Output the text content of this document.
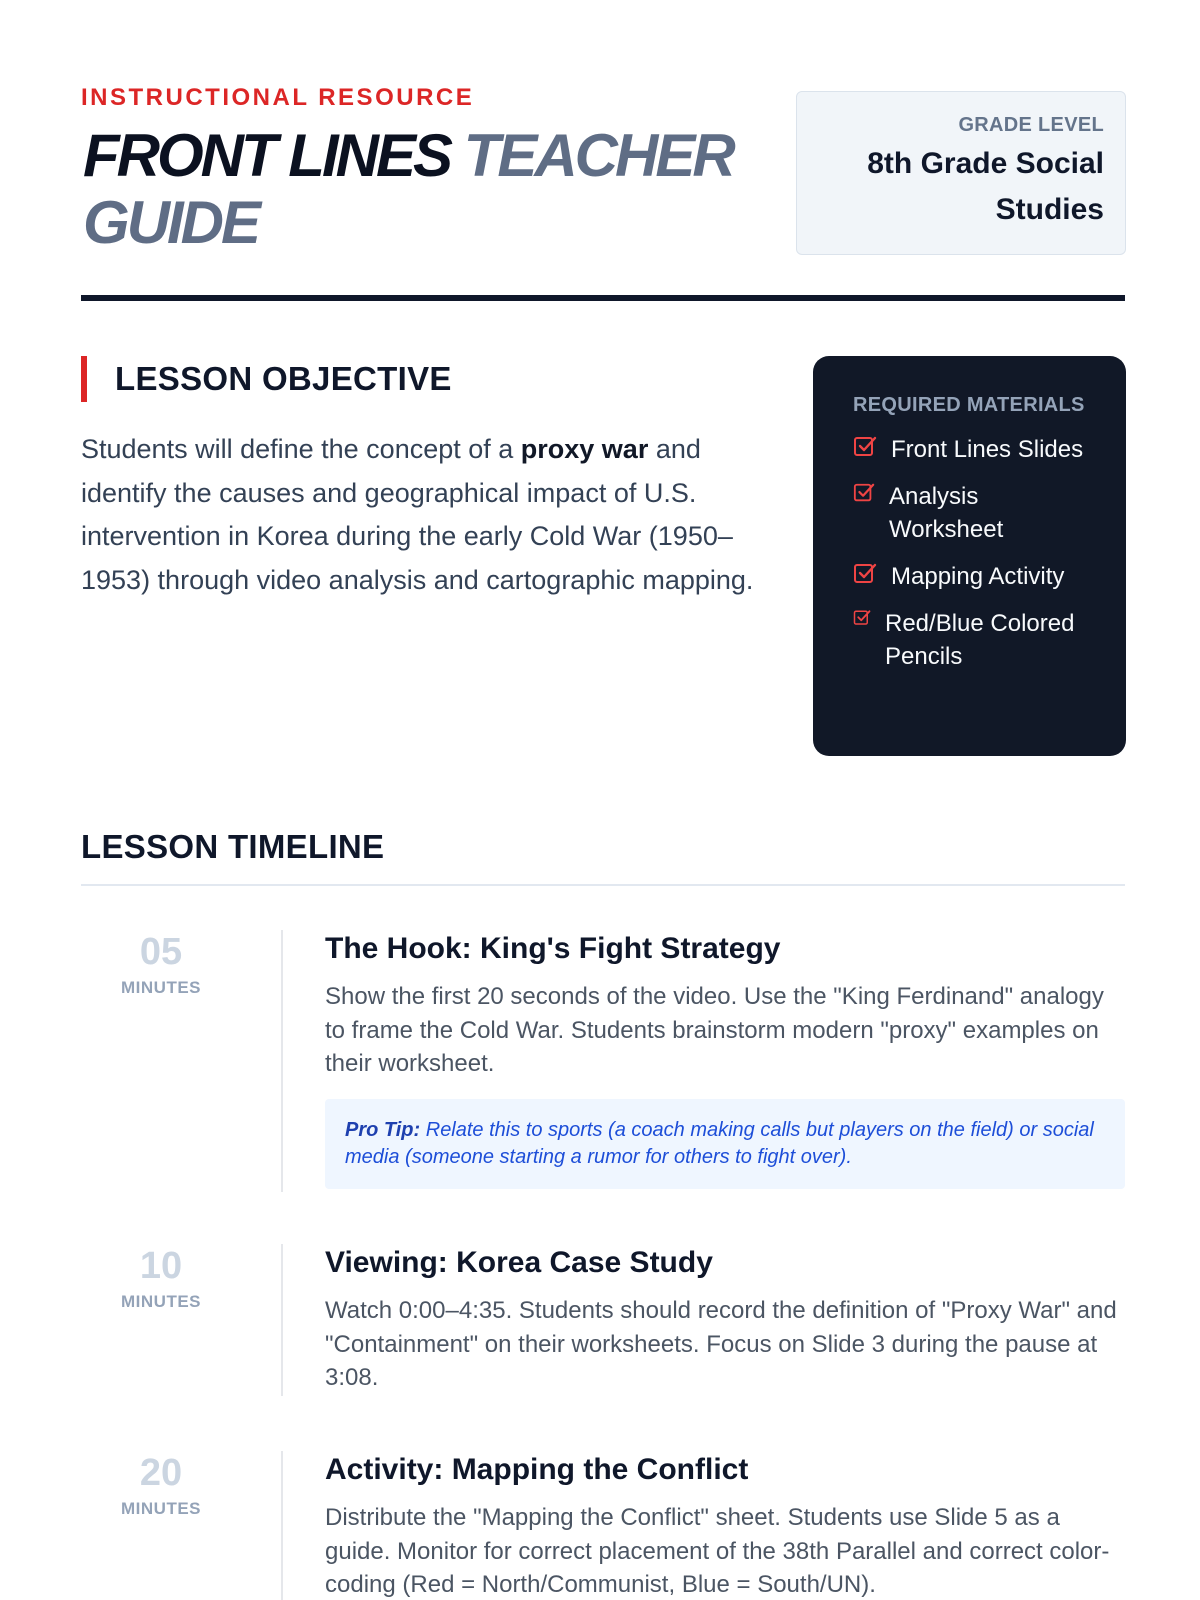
INSTRUCTIONAL RESOURCE
FRONT LINES TEACHER GUIDE
GRADE LEVEL
8th Grade Social Studies
LESSON OBJECTIVE

Students will define the concept of a proxy war and identify the causes and geographical impact of U.S. intervention in Korea during the early Cold War (1950–1953) through video analysis and cartographic mapping.

REQUIRED MATERIALS
Front Lines Slides
Analysis Worksheet
Mapping Activity
Red/Blue Colored Pencils
LESSON TIMELINE
05
MINUTES
The Hook: King's Fight Strategy
Show the first 20 seconds of the video. Use the "King Ferdinand" analogy to frame the Cold War. Students brainstorm modern "proxy" examples on their worksheet.
Pro Tip: Relate this to sports (a coach making calls but players on the field) or social media (someone starting a rumor for others to fight over).
10
MINUTES
Viewing: Korea Case Study
Watch 0:00–4:35. Students should record the definition of "Proxy War" and "Containment" on their worksheets. Focus on Slide 3 during the pause at 3:08.
20
MINUTES
Activity: Mapping the Conflict
Distribute the "Mapping the Conflict" sheet. Students use Slide 5 as a guide. Monitor for correct placement of the 38th Parallel and correct color-coding (Red = North/Communist, Blue = South/UN).
